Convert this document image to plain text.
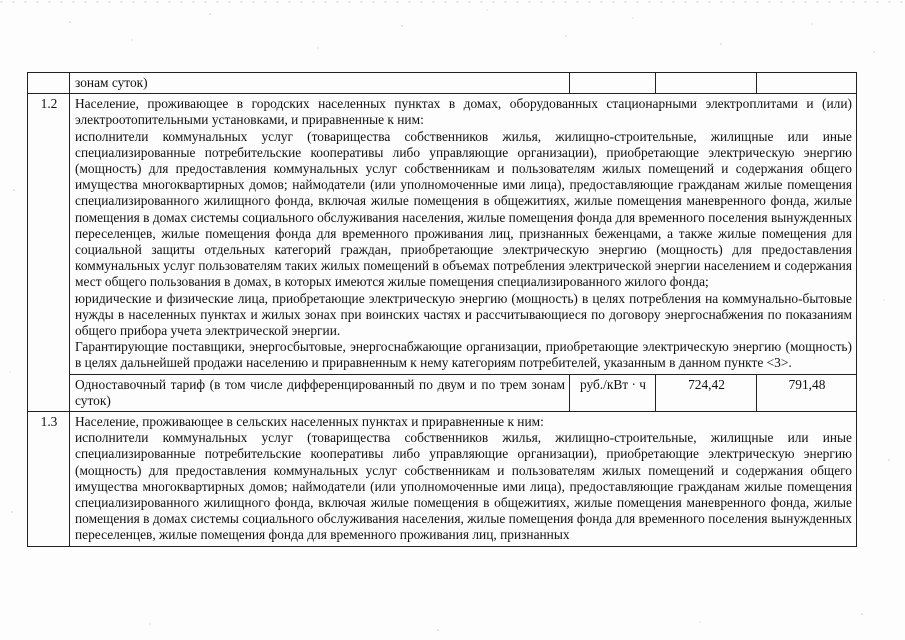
	зонам суток)			
1.2	Население, проживающее в городских населенных пунктах в домах, оборудованных стационарными электроплитами и (или) электроотопительными установками, и приравненные к ним:
исполнители коммунальных услуг (товарищества собственников жилья, жилищно-строительные, жилищные или иные специализированные потребительские кооперативы либо управляющие организации), приобретающие электрическую энергию (мощность) для предоставления коммунальных услуг собственникам и пользователям жилых помещений и содержания общего имущества многоквартирных домов; наймодатели (или уполномоченные ими лица), предоставляющие гражданам жилые помещения специализированного жилищного фонда, включая жилые помещения в общежитиях, жилые помещения маневренного фонда, жилые помещения в домах системы социального обслуживания населения, жилые помещения фонда для временного поселения вынужденных переселенцев, жилые помещения фонда для временного проживания лиц, признанных беженцами, а также жилые помещения для социальной защиты отдельных категорий граждан, приобретающие электрическую энергию (мощность) для предоставления коммунальных услуг пользователям таких жилых помещений в объемах потребления электрической энергии населением и содержания мест общего пользования в домах, в которых имеются жилые помещения специализированного жилого фонда;
юридические и физические лица, приобретающие электрическую энергию (мощность) в целях потребления на коммунально-бытовые нужды в населенных пунктах и жилых зонах при воинских частях и рассчитывающиеся по договору энергоснабжения по показаниям общего прибора учета электрической энергии.
Гарантирующие поставщики, энергосбытовые, энергоснабжающие организации, приобретающие электрическую энергию (мощность) в целях дальнейшей продажи населению и приравненным к нему категориям потребителей, указанным в данном пункте <3>.			

	Одноставочный тариф (в том числе дифференцированный по двум и по трем зонам суток)	руб./кВт · ч	724,42	791,48
1.3	Население, проживающее в сельских населенных пунктах и приравненные к ним:
исполнители коммунальных услуг (товарищества собственников жилья, жилищно-строительные, жилищные или иные специализированные потребительские кооперативы либо управляющие организации), приобретающие электрическую энергию (мощность) для предоставления коммунальных услуг собственникам и пользователям жилых помещений и содержания общего имущества многоквартирных домов; наймодатели (или уполномоченные ими лица), предоставляющие гражданам жилые помещения специализированного жилищного фонда, включая жилые помещения в общежитиях, жилые помещения маневренного фонда, жилые помещения в домах системы социального обслуживания населения, жилые помещения фонда для временного поселения вынужденных переселенцев, жилые помещения фонда для временного проживания лиц, признанных			
